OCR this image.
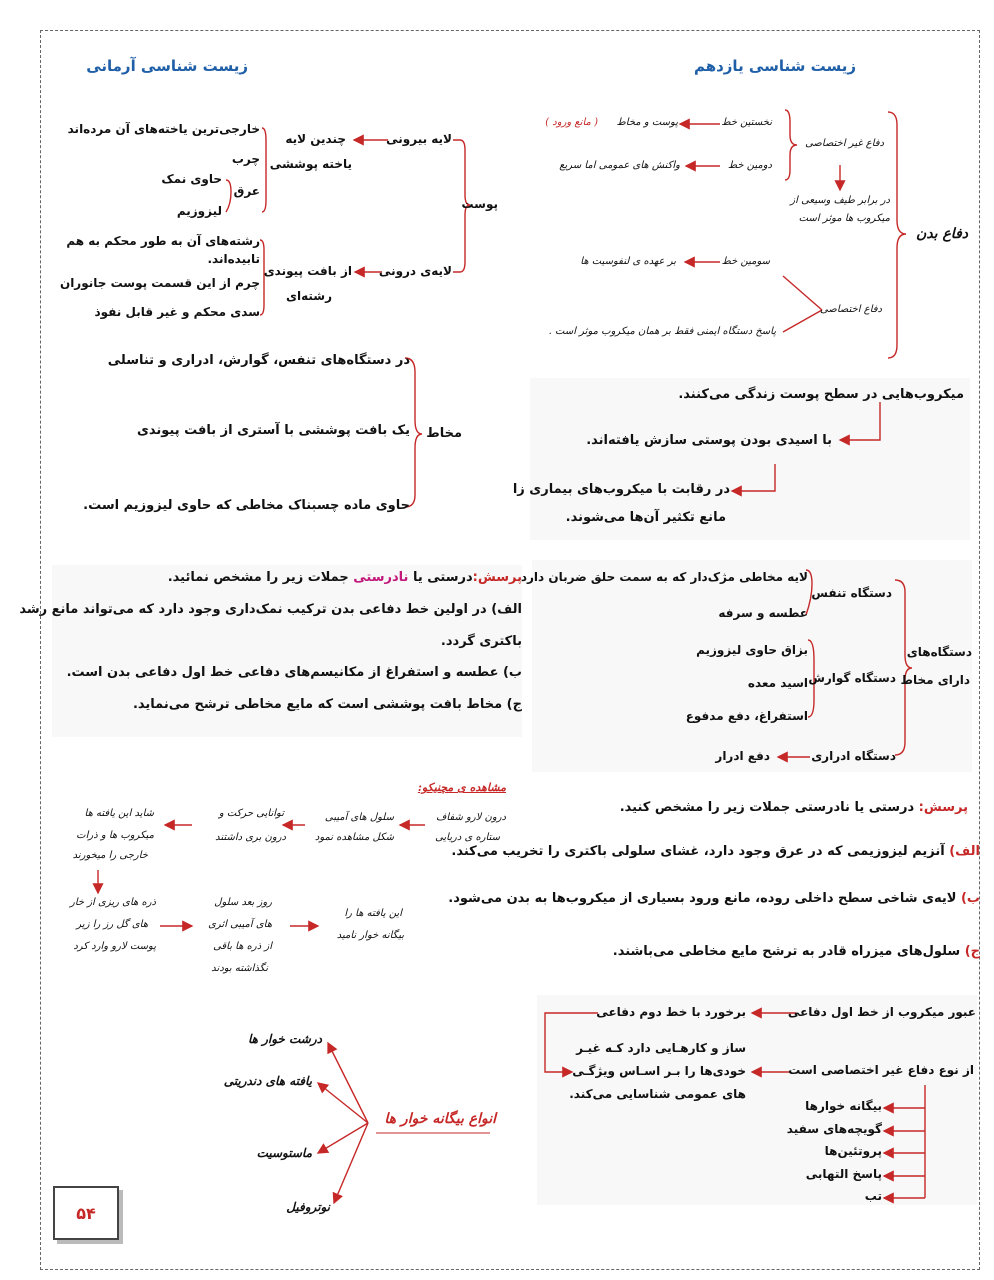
زیست شناسی یازدهم
زیست شناسی آرمانی
دفاع بدن
نخستین خط
پوست و مخاط
( مانع ورود )
دفاع غیر اختصاصی
دومین خط
واکنش های عمومی اما سریع
در برابر طیف وسیعی از
میکروب ها موثر است
سومین خط
بر عهده ی لنفوسیت ها
دفاع اختصاصی
پاسخ دستگاه ایمنی فقط بر همان میکروب موثر است .
پوست
لایه بیرونی
چندین لایه
یاخته پوششی
خارجی‌ترین یاخته‌های آن مرده‌اند
چرب
عرق
حاوی نمک
لیزوزیم
لایه‌ی درونی
از بافت پیوندی
رشته‌ای
رشته‌های آن به طور محکم به هم
تابیده‌اند.
چرم از این قسمت پوست جانوران
سدی محکم و غیر قابل نفوذ
مخاط
در دستگاه‌های تنفس، گوارش، ادراری و تناسلی
یک بافت پوششی با آستری از بافت پیوندی
حاوی ماده چسبناک مخاطی که حاوی لیزوزیم است.
میکروب‌هایی در سطح پوست زندگی می‌کنند.
با اسیدی بودن پوستی سازش یافته‌اند.
در رقابت با میکروب‌های بیماری زا
مانع تکثیر آن‌ها می‌شوند.
پرسش:درستی یا نادرستی جملات زیر را مشخص نمائید.
الف) در اولین خط دفاعی بدن ترکیب نمک‌داری وجود دارد که می‌تواند مانع رشد
باکتری گردد.
ب) عطسه و استفراغ از مکانیسم‌های دفاعی خط اول دفاعی بدن است.
ج) مخاط بافت پوششی است که مایع مخاطی ترشح می‌نماید.
دستگاه‌های
دارای مخاط
دستگاه تنفس
لایه مخاطی مژک‌دار که به سمت حلق ضربان دارد
عطسه و سرفه
دستگاه گوارش
بزاق حاوی لیزوزیم
اسید معده
استفراغ، دفع مدفوع
دستگاه ادراری
دفع ادرار
مشاهده ی مچنیکو:
درون لارو شفاف
ستاره ی دریایی
سلول های آمیبی
شکل مشاهده نمود
توانایی حرکت و
درون بری داشتند
شاید این یافته ها
میکروب ها و ذرات
خارجی را میخورند
ذره های ریزی از خار
های گل رز را زیر
پوست لارو وارد کرد
روز بعد سلول
های آمیبی اثری
از ذره ها باقی
نگذاشته بودند
این یافته ها را
بیگانه خوار نامید
پرسش: درستی یا نادرستی جملات زیر را مشخص کنید.
الف) آنزیم لیزوزیمی که در عرق وجود دارد، غشای سلولی باکتری را تخریب می‌کند.
ب) لایه‌ی شاخی سطح داخلی روده، مانع ورود بسیاری از میکروب‌ها به بدن می‌شود.
ج) سلول‌های میزراه قادر به ترشح مایع مخاطی می‌باشند.
انواع بیگانه خوار ها
درشت خوار ها
یافته های دندریتی
ماستوسیت
نوتروفیل
عبور میکروب از خط اول دفاعی
برخورد با خط دوم دفاعی
از نوع دفاع غیر اختصاصی است
ساز و کارهـایی دارد کـه غیـر
خودی‌ها را بـر اسـاس ویژگـی
های عمومی شناسایی می‌کند.
بیگانه خوارها
گویچه‌های سفید
پروتئین‌ها
پاسخ التهابی
تب
۵۴
